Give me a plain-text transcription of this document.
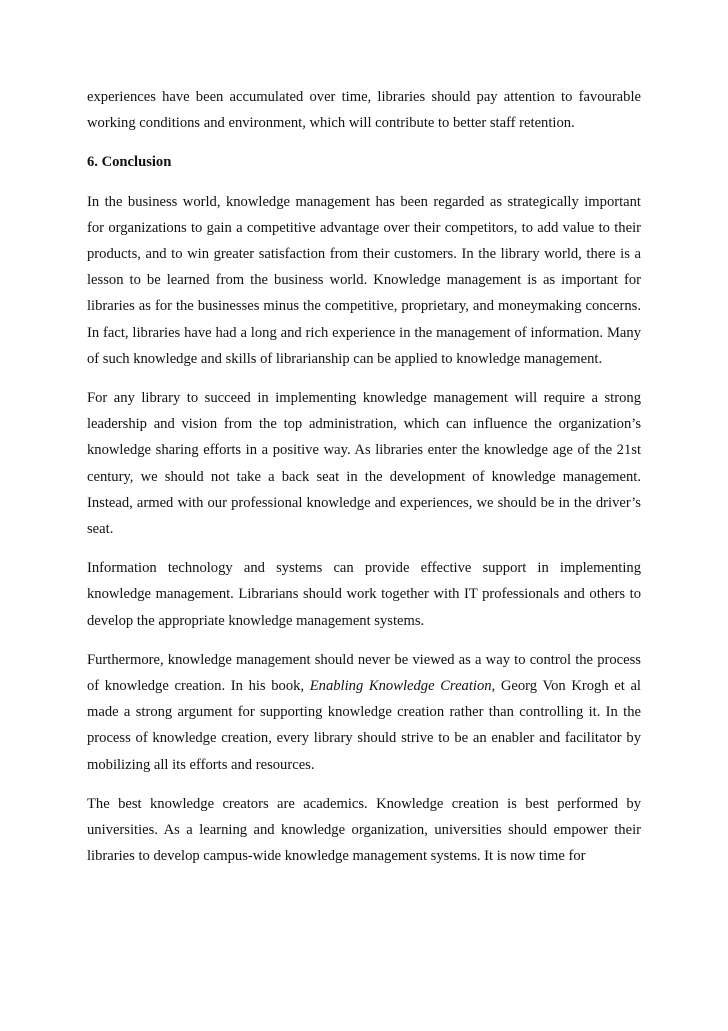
experiences have been accumulated over time, libraries should pay attention to favourable working conditions and environment, which will contribute to better staff retention.

6. Conclusion

In the business world, knowledge management has been regarded as strategically important for organizations to gain a competitive advantage over their competitors, to add value to their products, and to win greater satisfaction from their customers. In the library world, there is a lesson to be learned from the business world. Knowledge management is as important for libraries as for the businesses minus the competitive, proprietary, and moneymaking concerns. In fact, libraries have had a long and rich experience in the management of information. Many of such knowledge and skills of librarianship can be applied to knowledge management.

For any library to succeed in implementing knowledge management will require a strong leadership and vision from the top administration, which can influence the organization’s knowledge sharing efforts in a positive way. As libraries enter the knowledge age of the 21st century, we should not take a back seat in the development of knowledge management. Instead, armed with our professional knowledge and experiences, we should be in the driver’s seat.

Information technology and systems can provide effective support in implementing knowledge management. Librarians should work together with IT professionals and others to develop the appropriate knowledge management systems.

Furthermore, knowledge management should never be viewed as a way to control the process of knowledge creation. In his book, Enabling Knowledge Creation, Georg Von Krogh et al made a strong argument for supporting knowledge creation rather than controlling it. In the process of knowledge creation, every library should strive to be an enabler and facilitator by mobilizing all its efforts and resources.

The best knowledge creators are academics. Knowledge creation is best performed by universities. As a learning and knowledge organization, universities should empower their libraries to develop campus-wide knowledge management systems. It is now time for
